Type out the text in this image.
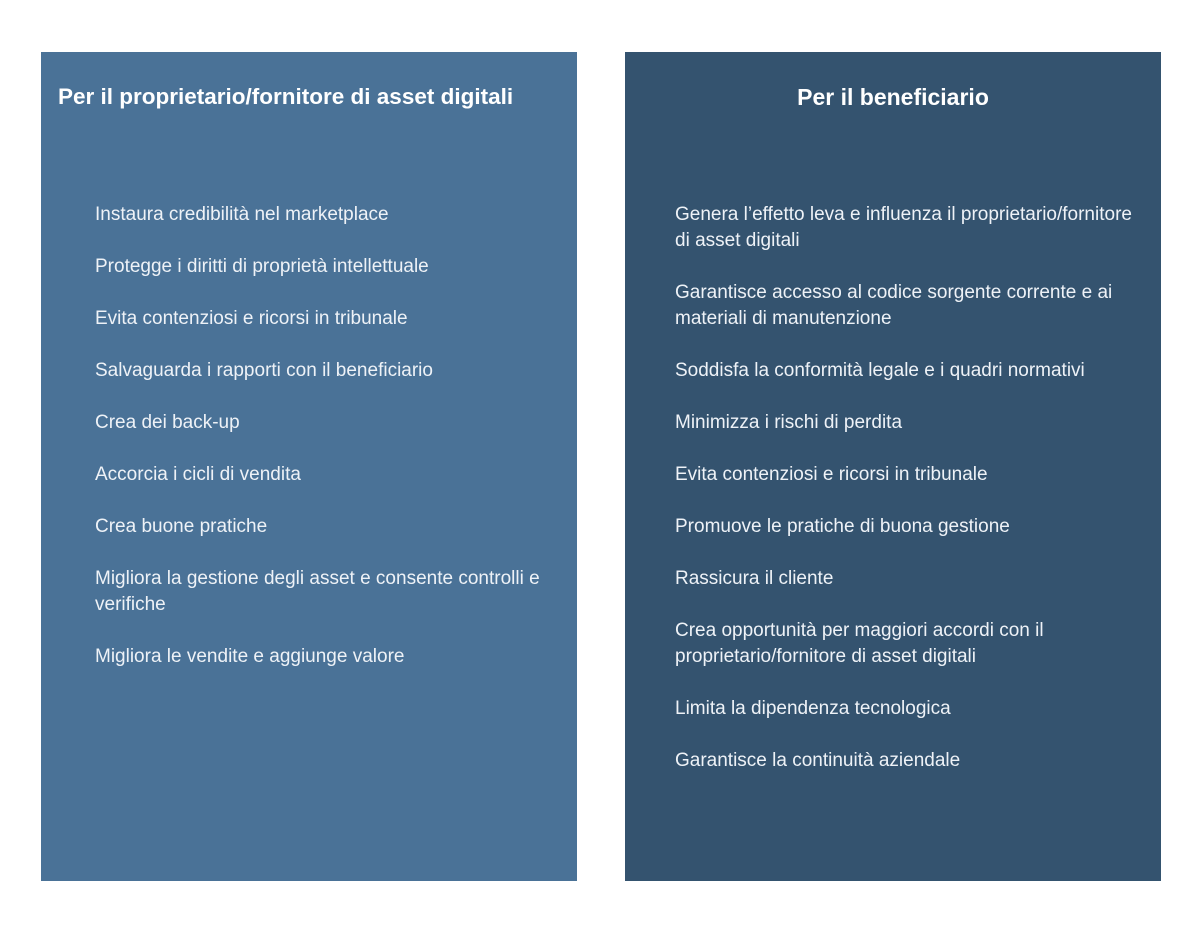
Per il proprietario/fornitore di asset digitali
Instaura credibilità nel marketplace
Protegge i diritti di proprietà intellettuale
Evita contenziosi e ricorsi in tribunale
Salvaguarda i rapporti con il beneficiario
Crea dei back-up
Accorcia i cicli di vendita
Crea buone pratiche
Migliora la gestione degli asset e consente controlli e verifiche
Migliora le vendite e aggiunge valore
Per il beneficiario
Genera l’effetto leva e influenza il proprietario/fornitore di asset digitali
Garantisce accesso al codice sorgente corrente e ai materiali di manutenzione
Soddisfa la conformità legale e i quadri normativi
Minimizza i rischi di perdita
Evita contenziosi e ricorsi in tribunale
Promuove le pratiche di buona gestione
Rassicura il cliente
Crea opportunità per maggiori accordi con il proprietario/fornitore di asset digitali
Limita la dipendenza tecnologica
Garantisce la continuità aziendale
